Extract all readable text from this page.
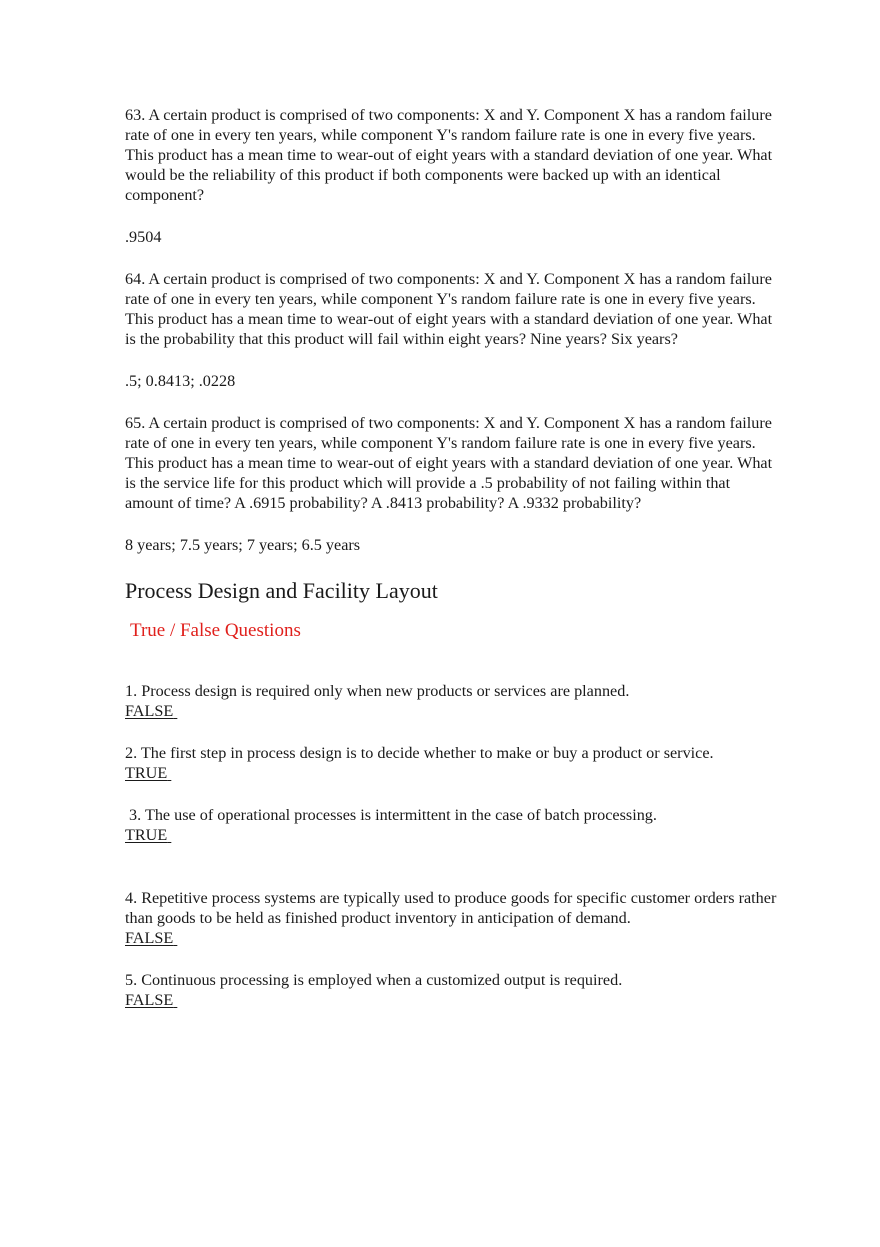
63. A certain product is comprised of two components: X and Y. Component X has a random failure rate of one in every ten years, while component Y's random failure rate is one in every five years. This product has a mean time to wear-out of eight years with a standard deviation of one year. What would be the reliability of this product if both components were backed up with an identical component?

.9504

64. A certain product is comprised of two components: X and Y. Component X has a random failure rate of one in every ten years, while component Y's random failure rate is one in every five years. This product has a mean time to wear-out of eight years with a standard deviation of one year. What is the probability that this product will fail within eight years? Nine years? Six years?

.5; 0.8413; .0228

65. A certain product is comprised of two components: X and Y. Component X has a random failure rate of one in every ten years, while component Y's random failure rate is one in every five years. This product has a mean time to wear-out of eight years with a standard deviation of one year. What is the service life for this product which will provide a .5 probability of not failing within that amount of time? A .6915 probability? A .8413 probability? A .9332 probability?

8 years; 7.5 years; 7 years; 6.5 years

Process Design and Facility Layout

True / False Questions

1. Process design is required only when new products or services are planned.

FALSE

2. The first step in process design is to decide whether to make or buy a product or service.

TRUE

3. The use of operational processes is intermittent in the case of batch processing.

TRUE

4. Repetitive process systems are typically used to produce goods for specific customer orders rather than goods to be held as finished product inventory in anticipation of demand.

FALSE

5. Continuous processing is employed when a customized output is required.

FALSE
